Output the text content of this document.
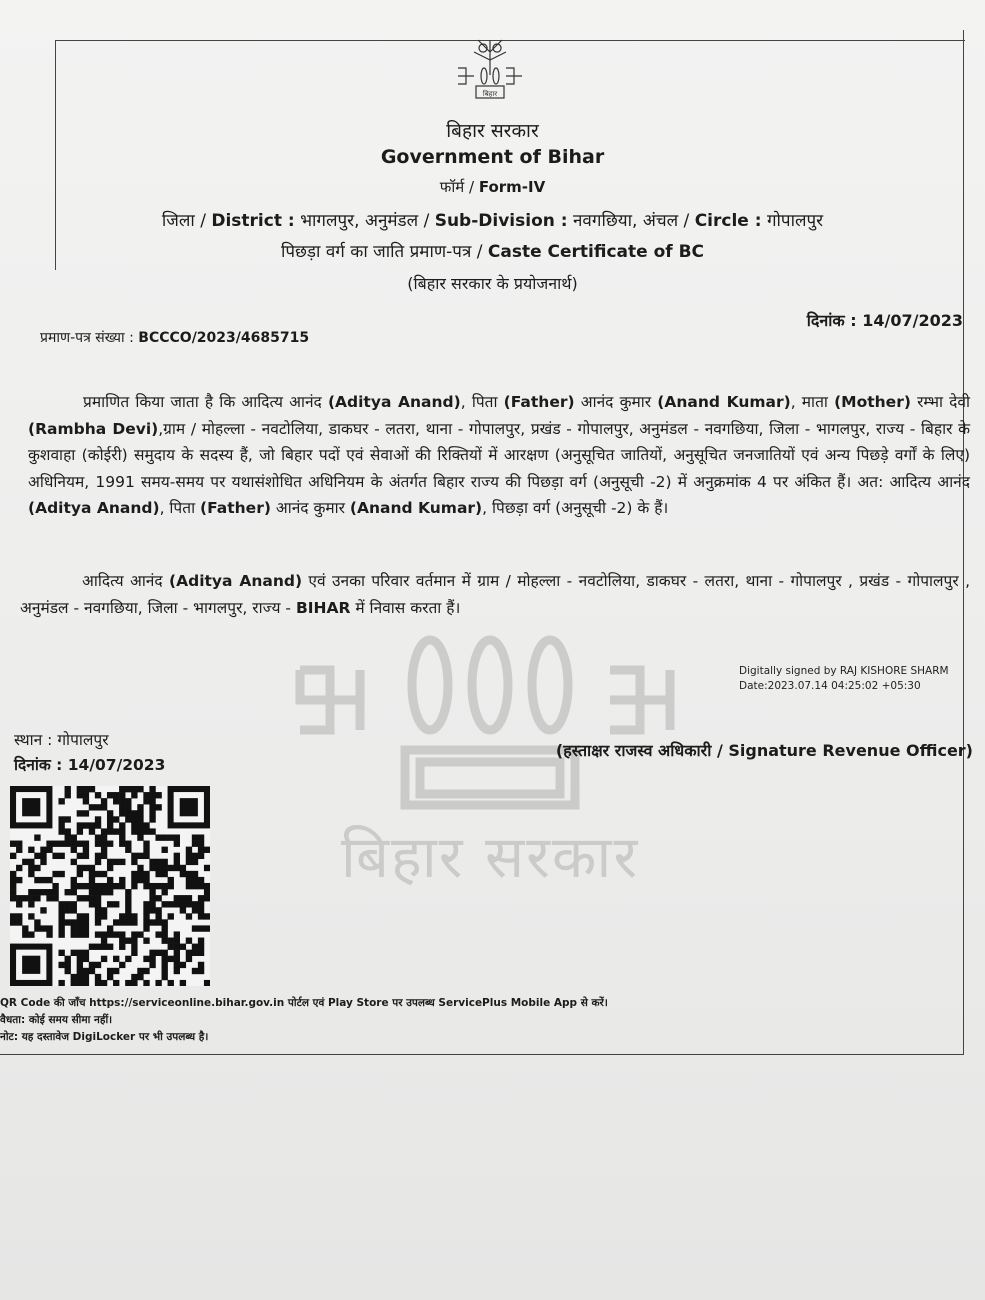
बिहार सरकार
बिहार
बिहार सरकार
Government of Bihar
फॉर्म / Form-IV
जिला / District : भागलपुर, अनुमंडल / Sub-Division : नवगछिया, अंचल / Circle : गोपालपुर
पिछड़ा वर्ग का जाति प्रमाण-पत्र / Caste Certificate of BC
(बिहार सरकार के प्रयोजनार्थ)
दिनांक : 14/07/2023
प्रमाण-पत्र संख्या : BCCCO/2023/4685715
प्रमाणित किया जाता है कि आदित्य आनंद (Aditya Anand), पिता (Father) आनंद कुमार (Anand Kumar), माता (Mother) रम्भा देवी (Rambha Devi),ग्राम / मोहल्ला - नवटोलिया, डाकघर - लतरा, थाना - गोपालपुर, प्रखंड - गोपालपुर, अनुमंडल - नवगछिया, जिला - भागलपुर, राज्य - बिहार के कुशवाहा (कोईरी) समुदाय के सदस्य हैं, जो बिहार पदों एवं सेवाओं की रिक्तियों में आरक्षण (अनुसूचित जातियों, अनुसूचित जनजातियों एवं अन्य पिछड़े वर्गों के लिए) अधिनियम, 1991 समय-समय पर यथासंशोधित अधिनियम के अंतर्गत बिहार राज्य की पिछड़ा वर्ग (अनुसूची -2) में अनुक्रमांक 4 पर अंकित हैं। अत: आदित्य आनंद (Aditya Anand), पिता (Father) आनंद कुमार (Anand Kumar), पिछड़ा वर्ग (अनुसूची -2) के हैं।
आदित्य आनंद (Aditya Anand) एवं उनका परिवार वर्तमान में ग्राम / मोहल्ला - नवटोलिया, डाकघर - लतरा, थाना - गोपालपुर , प्रखंड - गोपालपुर , अनुमंडल - नवगछिया, जिला - भागलपुर, राज्य - BIHAR में निवास करता हैं।
Digitally signed by RAJ KISHORE SHARM
Date:2023.07.14 04:25:02 +05:30
स्थान : गोपालपुर
दिनांक : 14/07/2023
(हस्ताक्षर राजस्व अधिकारी / Signature Revenue Officer)
QR Code की जाँच https://serviceonline.bihar.gov.in पोर्टल एवं Play Store पर उपलब्ध ServicePlus Mobile App से करें।
वैधता: कोई समय सीमा नहीं।
नोट: यह दस्तावेज DigiLocker पर भी उपलब्ध है।
